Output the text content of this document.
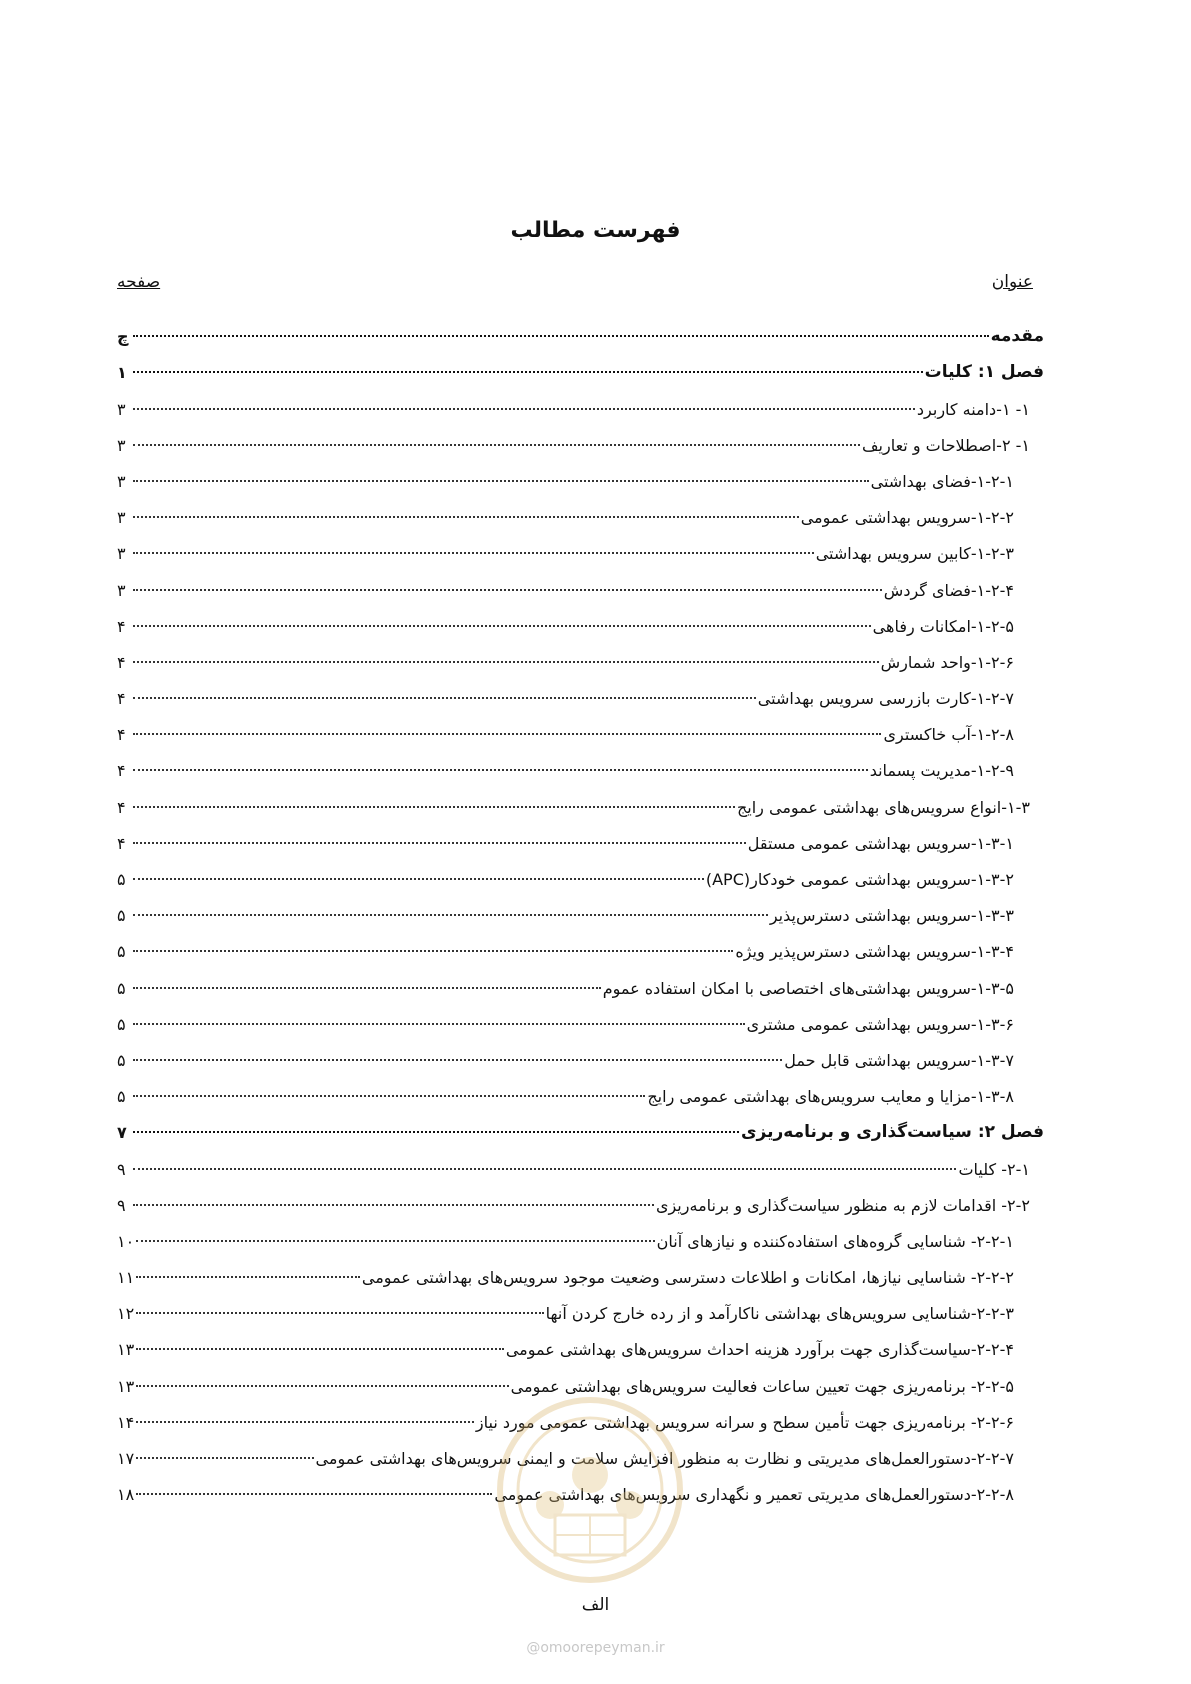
فهرست مطالب
عنوان
صفحه
مقدمه
چ
فصل ۱: کلیات
۱
۱- ۱-دامنه کاربرد
۳
۱- ۲-اصطلاحات و تعاریف
۳
۱-۲-۱-فضای بهداشتی
۳
۱-۲-۲-سرویس بهداشتی عمومی
۳
۱-۲-۳-کابین سرویس بهداشتی
۳
۱-۲-۴-فضای گردش
۳
۱-۲-۵-امکانات رفاهی
۴
۱-۲-۶-واحد شمارش
۴
۱-۲-۷-کارت بازرسی سرویس بهداشتی
۴
۱-۲-۸-آب خاکستری
۴
۱-۲-۹-مدیریت پسماند
۴
۱-۳-انواع سرویس‌های بهداشتی عمومی رایج
۴
۱-۳-۱-سرویس بهداشتی عمومی مستقل
۴
۱-۳-۲-سرویس بهداشتی عمومی خودکار(APC)
۵
۱-۳-۳-سرویس بهداشتی دسترس‌پذیر
۵
۱-۳-۴-سرویس بهداشتی دسترس‌پذیر ویژه
۵
۱-۳-۵-سرویس بهداشتی‌های اختصاصی با امکان استفاده عموم
۵
۱-۳-۶-سرویس بهداشتی عمومی مشتری
۵
۱-۳-۷-سرویس بهداشتی قابل حمل
۵
۱-۳-۸-مزایا و معایب سرویس‌های بهداشتی عمومی رایج
۵
فصل ۲: سیاست‌گذاری و برنامه‌ریزی
۷
۲-۱- کلیات
۹
۲-۲- اقدامات لازم به منظور سیاست‌گذاری و برنامه‌ریزی
۹
۲-۲-۱- شناسایی گروه‌های استفاده‌کننده و نیازهای آنان
۱۰
۲-۲-۲- شناسایی نیازها، امکانات و اطلاعات دسترسی وضعیت موجود سرویس‌های بهداشتی عمومی
۱۱
۲-۲-۳-شناسایی سرویس‌های بهداشتی ناکارآمد و از رده خارج کردن آنها
۱۲
۲-۲-۴-سیاست‌گذاری جهت برآورد هزینه احداث سرویس‌های بهداشتی عمومی
۱۳
۲-۲-۵- برنامه‌ریزی جهت تعیین ساعات فعالیت سرویس‌های بهداشتی عمومی
۱۳
۲-۲-۶- برنامه‌ریزی جهت تأمین سطح و سرانه سرویس بهداشتی عمومی مورد نیاز
۱۴
۲-۲-۷-دستورالعمل‌های مدیریتی و نظارت به منظور افزایش سلامت و ایمنی سرویس‌های بهداشتی عمومی
۱۷
۲-۲-۸-دستورالعمل‌های مدیریتی تعمیر و نگهداری سرویس‌های بهداشتی عمومی
۱۸
الف
@omoorepeyman.ir
